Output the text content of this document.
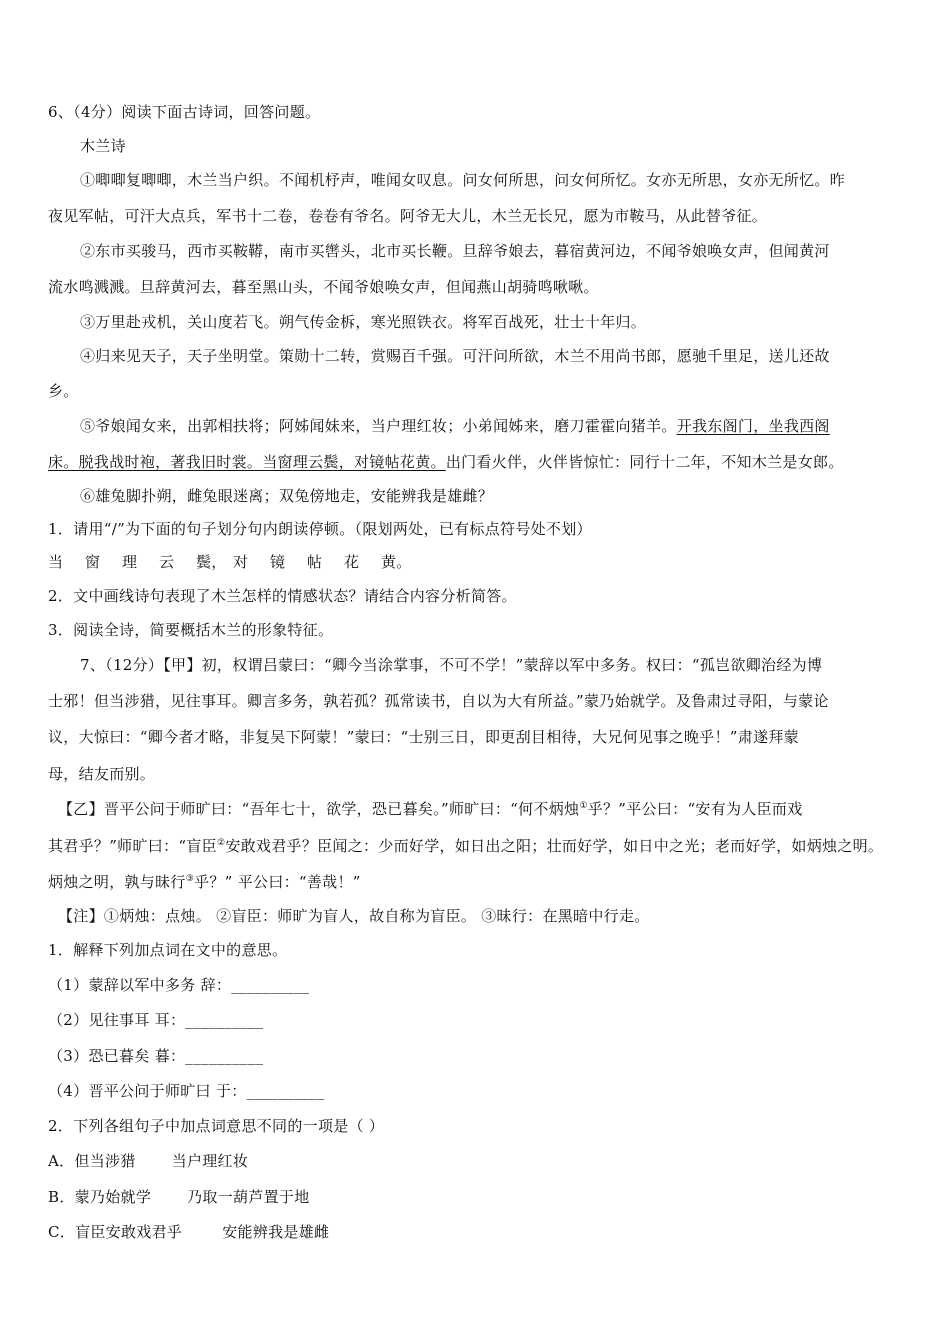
6、（4分）阅读下面古诗词，回答问题。
木兰诗
①唧唧复唧唧，木兰当户织。不闻机杼声，唯闻女叹息。问女何所思，问女何所忆。女亦无所思，女亦无所忆。昨
夜见军帖，可汗大点兵，军书十二卷，卷卷有爷名。阿爷无大儿，木兰无长兄，愿为市鞍马，从此替爷征。
②东市买骏马，西市买鞍鞯，南市买辔头，北市买长鞭。旦辞爷娘去，暮宿黄河边，不闻爷娘唤女声，但闻黄河
流水鸣溅溅。旦辞黄河去，暮至黑山头，不闻爷娘唤女声，但闻燕山胡骑鸣啾啾。
③万里赴戎机，关山度若飞。朔气传金柝，寒光照铁衣。将军百战死，壮士十年归。
④归来见天子，天子坐明堂。策勋十二转，赏赐百千强。可汗问所欲，木兰不用尚书郎，愿驰千里足，送儿还故
乡。
⑤爷娘闻女来，出郭相扶将；阿姊闻妹来，当户理红妆；小弟闻姊来，磨刀霍霍向猪羊。开我东阁门，坐我西阁
床。脱我战时袍，著我旧时裳。当窗理云鬓，对镜帖花黄。出门看火伴，火伴皆惊忙：同行十二年，不知木兰是女郎。
⑥雄兔脚扑朔，雌兔眼迷离；双兔傍地走，安能辨我是雄雌？
1．请用“/”为下面的句子划分句内朗读停顿。（限划两处，已有标点符号处不划）
当 窗 理 云 鬓， 对 镜 帖 花 黄。
2．文中画线诗句表现了木兰怎样的情感状态？请结合内容分析简答。
3．阅读全诗，简要概括木兰的形象特征。
7、（12分）【甲】初，权谓吕蒙曰：“卿今当涂掌事，不可不学！”蒙辞以军中多务。权曰：“孤岂欲卿治经为博
士邪！但当涉猎，见往事耳。卿言多务，孰若孤？孤常读书，自以为大有所益。”蒙乃始就学。及鲁肃过寻阳，与蒙论
议，大惊曰：“卿今者才略，非复吴下阿蒙！”蒙曰：“士别三日，即更刮目相待，大兄何见事之晚乎！”肃遂拜蒙
母，结友而别。
【乙】晋平公问于师旷曰：“吾年七十，欲学，恐已暮矣。”师旷曰：“何不炳烛①乎？”平公曰：“安有为人臣而戏
其君乎？”师旷曰：“盲臣②安敢戏君乎？臣闻之：少而好学，如日出之阳；壮而好学，如日中之光；老而好学，如炳烛之明。
炳烛之明，孰与昧行③乎？” 平公曰：“善哉！”
【注】①炳烛：点烛。 ②盲臣：师旷为盲人，故自称为盲臣。 ③昧行：在黑暗中行走。
1．解释下列加点词在文中的意思。
（1）蒙辞以军中多务 辞：__________
（2）见往事耳 耳：__________
（3）恐已暮矣 暮：__________
（4）晋平公问于师旷曰 于：__________
2．下列各组句子中加点词意思不同的一项是（ ）
A．但当涉猎 当户理红妆
B．蒙乃始就学 乃取一葫芦置于地
C．盲臣安敢戏君乎	安能辨我是雄雌
